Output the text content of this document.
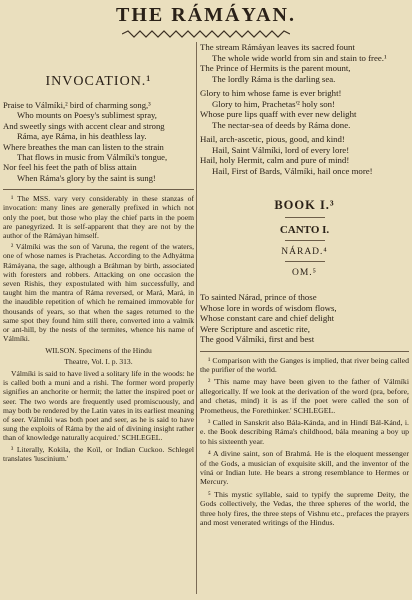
THE RÁMÁYAN.
INVOCATION.¹

Praise to Válmíki,² bird of charming song,³

Who mounts on Poesy's sublimest spray,

And sweetly sings with accent clear and strong

Ráma, aye Ráma, in his deathless lay.

Where breathes the man can listen to the strain

That flows in music from Válmíki's tongue,

Nor feel his feet the path of bliss attain

When Ráma's glory by the saint is sung!

¹ The MSS. vary very considerably in these stanzas of invocation: many lines are generally prefixed in which not only the poet, but those who play the chief parts in the poem are panegyrized. It is self-apparent that they are not by the author of the Rámáyan himself.

² Válmíki was the son of Varuna, the regent of the waters, one of whose names is Prachetas. According to the Adhyátma Rámáyana, the sage, although a Bráhman by birth, associated with foresters and robbers. Attacking on one occasion the seven Rishis, they expostulated with him successfully, and taught him the mantra of Ráma reversed, or Mará, Mará, in the inaudible repetition of which he remained immovable for thousands of years, so that when the sages returned to the same spot they found him still there, converted into a valmík or ant-hill, by the nests of the termites, whence his name of Válmíki.

WILSON. Specimens of the Hindu

Theatre, Vol. I. p. 313.

Válmíki is said to have lived a solitary life in the woods: he is called both a muni and a rishi. The former word properly signifies an anchorite or hermit; the latter the inspired poet or seer. The two words are frequently used promiscuously, and may both be rendered by the Latin vates in its earliest meaning of seer. Válmíki was both poet and seer, as he is said to have sung the exploits of Ráma by the aid of divining insight rather than of knowledge naturally acquired.' SCHLEGEL.

³ Literally, Kokila, the Koïl, or Indian Cuckoo. Schlegel translates 'luscinium.'

The stream Rámáyan leaves its sacred fount

The whole wide world from sin and stain to free.¹

The Prince of Hermits is the parent mount,

The lordly Ráma is the darling sea.

Glory to him whose fame is ever bright!

Glory to him, Prachetas'² holy son!

Whose pure lips quaff with ever new delight

The nectar-sea of deeds by Ráma done.

Hail, arch-ascetic, pious, good, and kind!

Hail, Saint Válmíki, lord of every lore!

Hail, holy Hermit, calm and pure of mind!

Hail, First of Bards, Válmíki, hail once more!

BOOK I.³
CANTO I.
NÁRAD.⁴
OM.⁵

To sainted Nárad, prince of those

Whose lore in words of wisdom flows,

Whose constant care and chief delight

Were Scripture and ascetic rite,

The good Válmíki, first and best

¹ Comparison with the Ganges is implied, that river being called the purifier of the world.

² 'This name may have been given to the father of Válmíki allegorically. If we look at the derivation of the word (pra, before, and chetas, mind) it is as if the poet were called the son of Prometheus, the Forethinker.' SCHLEGEL.

³ Called in Sanskrit also Bála-Kánda, and in Hindí Bál-Kánd, i. e. the Book describing Ráma's childhood, bála meaning a boy up to his sixteenth year.

⁴ A divine saint, son of Brahmá. He is the eloquent messenger of the Gods, a musician of exquisite skill, and the inventor of the víná or Indian lute. He bears a strong resemblance to Hermes or Mercury.

⁵ This mystic syllable, said to typify the supreme Deity, the Gods collectively, the Vedas, the three spheres of the world, the three holy fires, the three steps of Vishnu etc., prefaces the prayers and most venerated writings of the Hindus.
